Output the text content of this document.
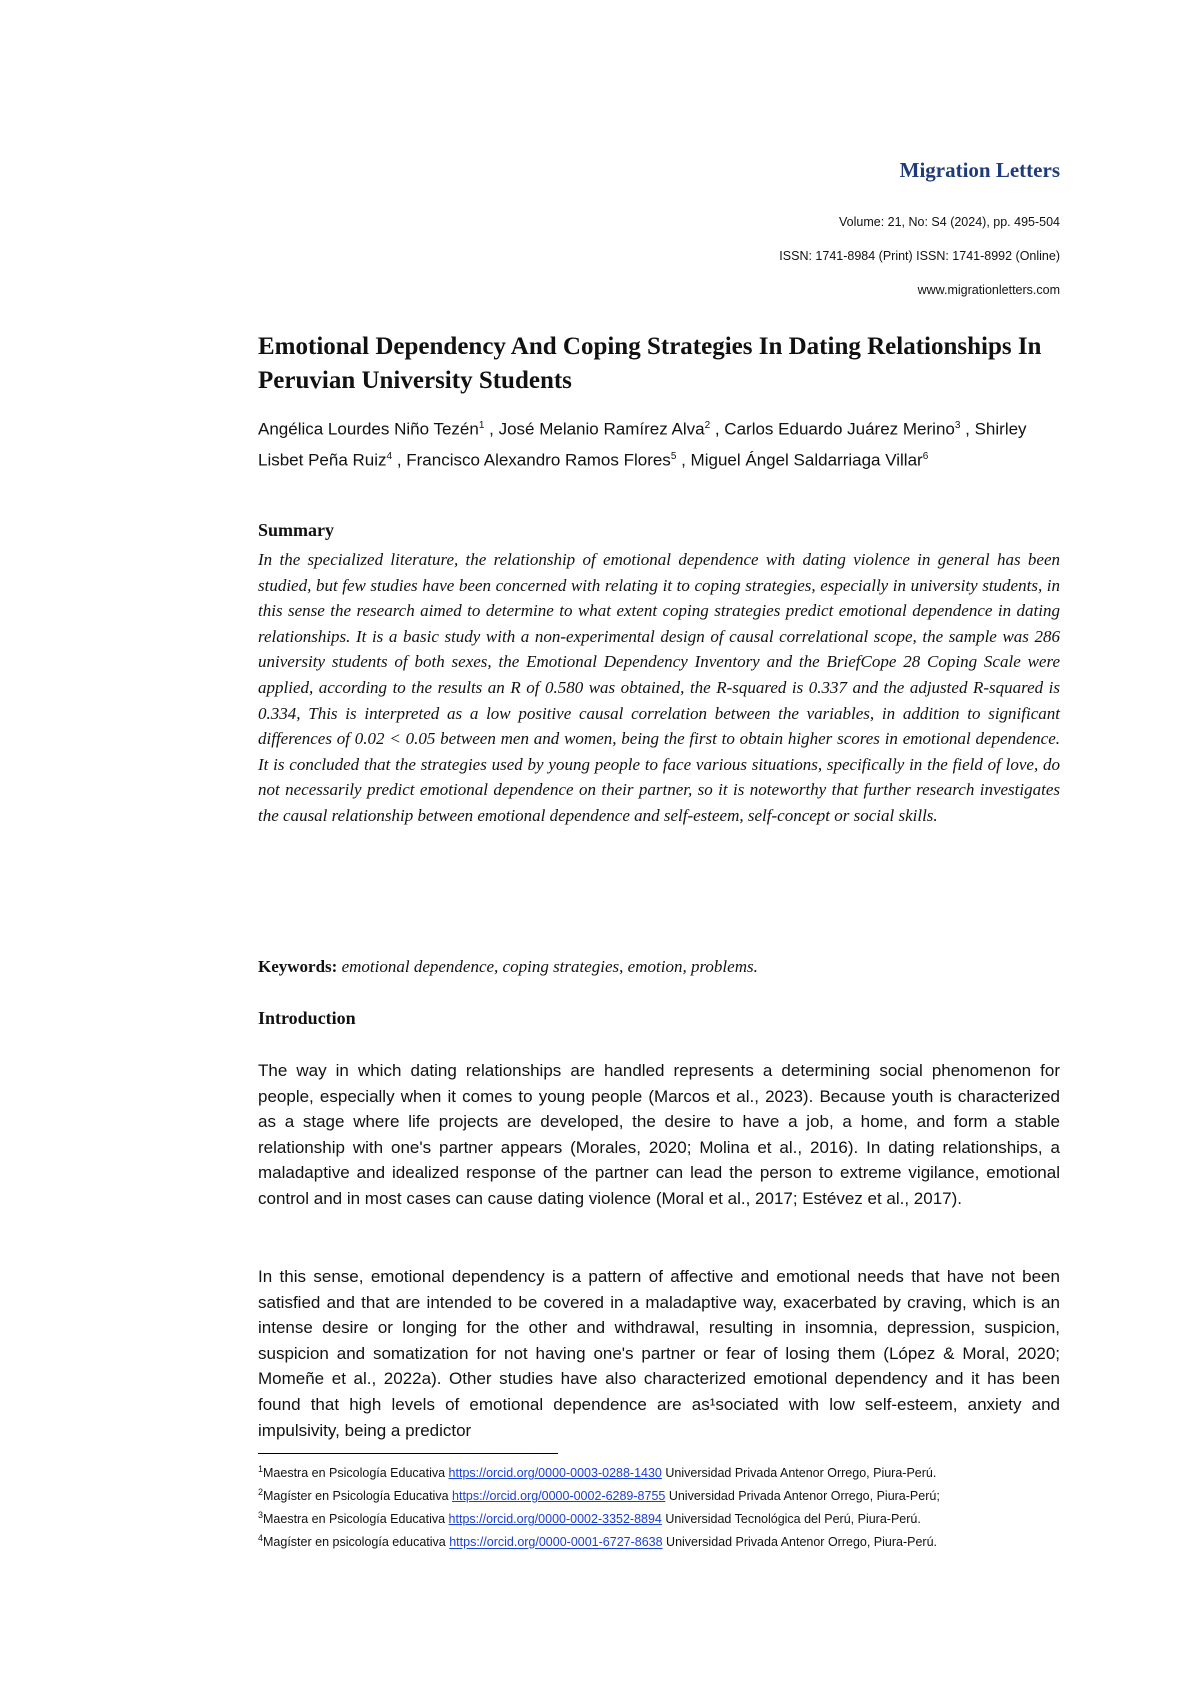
Migration Letters
Volume: 21, No: S4 (2024), pp. 495-504
ISSN: 1741-8984 (Print) ISSN: 1741-8992 (Online)
www.migrationletters.com
Emotional Dependency And Coping Strategies In Dating Relationships In Peruvian University Students
Angélica Lourdes Niño Tezén$^1$ , José Melanio Ramírez Alva$^2$ , Carlos Eduardo Juárez Merino$^3$ , Shirley Lisbet Peña Ruiz$^4$ , Francisco Alexandro Ramos Flores$^5$ , Miguel Ángel Saldarriaga Villar$^6$
Summary

In the specialized literature, the relationship of emotional dependence with dating violence in general has been studied, but few studies have been concerned with relating it to coping strategies, especially in university students, in this sense the research aimed to determine to what extent coping strategies predict emotional dependence in dating relationships. It is a basic study with a non-experimental design of causal correlational scope, the sample was 286 university students of both sexes, the Emotional Dependency Inventory and the BriefCope 28 Coping Scale were applied, according to the results an R of 0.580 was obtained, the R-squared is 0.337 and the adjusted R-squared is 0.334, This is interpreted as a low positive causal correlation between the variables, in addition to significant differences of 0.02 < 0.05 between men and women, being the first to obtain higher scores in emotional dependence. It is concluded that the strategies used by young people to face various situations, specifically in the field of love, do not necessarily predict emotional dependence on their partner, so it is noteworthy that further research investigates the causal relationship between emotional dependence and self-esteem, self-concept or social skills.

Keywords: emotional dependence, coping strategies, emotion, problems.
Introduction

The way in which dating relationships are handled represents a determining social phenomenon for people, especially when it comes to young people (Marcos et al., 2023). Because youth is characterized as a stage where life projects are developed, the desire to have a job, a home, and form a stable relationship with one's partner appears (Morales, 2020; Molina et al., 2016). In dating relationships, a maladaptive and idealized response of the partner can lead the person to extreme vigilance, emotional control and in most cases can cause dating violence (Moral et al., 2017; Estévez et al., 2017).

In this sense, emotional dependency is a pattern of affective and emotional needs that have not been satisfied and that are intended to be covered in a maladaptive way, exacerbated by craving, which is an intense desire or longing for the other and withdrawal, resulting in insomnia, depression, suspicion, suspicion and somatization for not having one's partner or fear of losing them (López & Moral, 2020; Momeñe et al., 2022a). Other studies have also characterized emotional dependency and it has been found that high levels of emotional dependence are as¹sociated with low self-esteem, anxiety and impulsivity, being a predictor

$^1$Maestra en Psicología Educativa https://orcid.org/0000-0003-0288-1430 Universidad Privada Antenor Orrego, Piura-Perú.
$^2$Magíster en Psicología Educativa https://orcid.org/0000-0002-6289-8755 Universidad Privada Antenor Orrego, Piura-Perú;
$^3$Maestra en Psicología Educativa https://orcid.org/0000-0002-3352-8894 Universidad Tecnológica del Perú, Piura-Perú.
$^4$Magíster en psicología educativa https://orcid.org/0000-0001-6727-8638 Universidad Privada Antenor Orrego, Piura-Perú.
